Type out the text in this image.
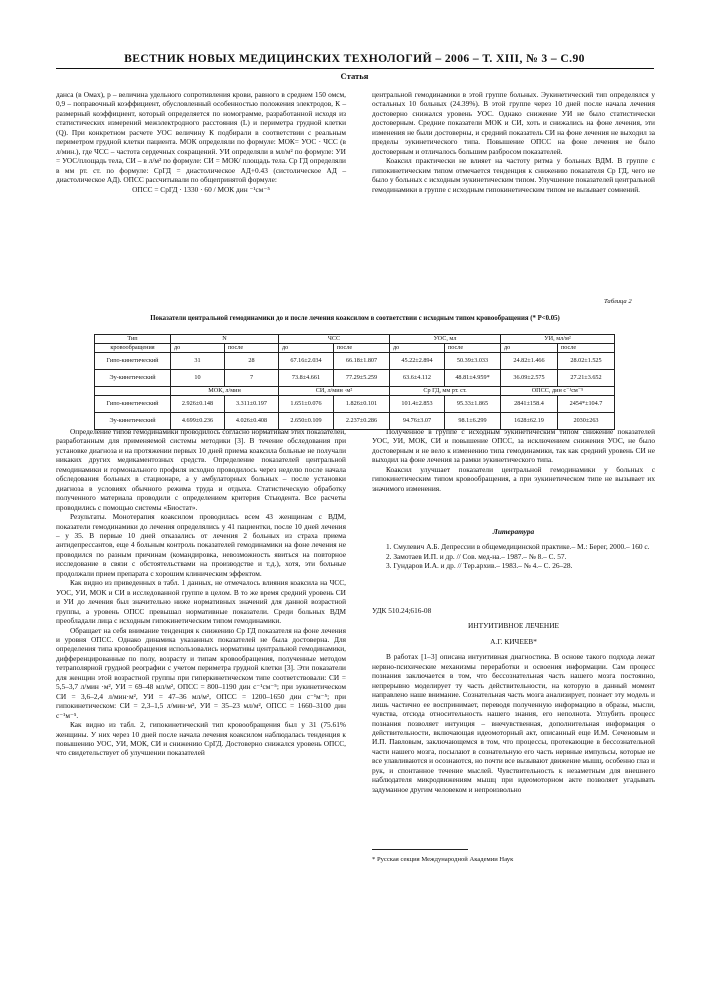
ВЕСТНИК НОВЫХ МЕДИЦИНСКИХ ТЕХНОЛОГИЙ – 2006 – Т. XIII, № 3 – С.90
Статья

данса (в Омах), р – величина удельного сопротивления крови, равного в среднем 150 омсм, 0,9 – поправочный коэффициент, обусловленный особенностью положения электродов, К – размерный коэффициент, который определяется по номограмме, разработанной исходя из статистических измерений межэлектродного расстояния (L) и периметра грудной клетки (Q). При конкретном расчете УОС величину К подбирали в соответствии с реальным периметром грудной клетки пациента. МОК определяли по формуле: МОК= УОС · ЧСС (в л/мин.), где ЧСС – частота сердечных сокращений. УИ определяли в мл/м² по формуле: УИ = УОС/площадь тела, СИ – в л/м² по формуле: СИ = МОК/ площадь тела. Ср ГД определяли в мм рт. ст. по формуле: СрГД = диастолическое АД+0.43 (систолическое АД – диастолическое АД). ОПСС рассчитывали по общепринятой формуле:

ОПСС = СрГД · 1330 · 60 / МОК дин ⁻¹см⁻⁵

центральной гемодинамики в этой группе больных. Эукинетический тип определялся у остальных 10 больных (24.39%). В этой группе через 10 дней после начала лечения достоверно снижался уровень УОС. Однако снижение УИ не было статистически достоверным. Средние показатели МОК и СИ, хоть и снижались на фоне лечения, эти изменения не были достоверны, и средний показатель СИ на фоне лечения не выходил за пределы эукинетического типа. Повышение ОПСС на фоне лечения не было достоверным и отличалось большим разбросом показателей.

Коаксил практически не влияет на частоту ритма у больных ВДМ. В группе с гипокинетическим типом отмечается тенденция к снижению показателя Ср ГД, чего не было у больных с исходным эукинетическим типом. Улучшение показателей центральной гемодинамики в группе с исходным гипокинетическим типом не вызывает сомнений.

Таблица 2
Показатели центральной гемодинамики до и после лечения коаксилом в соответствии с исходным типом кровообращения (* Р<0.05)
Тип	N		ЧСС		УОС, мл		УИ, мл/м²	
кровообращения	до	после	до	после	до	после	до	после
Гипо-кинетический	31	28	67.16±2.034	66.18±1.807	45.22±2.894	50.39±3.033	24.82±1.466	28.02±1.525
Эу-кинетический	10	7	73.8±4.661	77.29±5.259	63.6±4.112	48.81±4.959*	36.09±2.575	27.21±3.652
	МОК, л/мин		СИ, л/мин ·м²		Ср ГД, мм рт. ст.		ОПСС, дин с⁻¹см⁻⁵	
Гипо-кинетический	2.926±0.148	3.311±0.197	1.651±0.076	1.826±0.101	101.4±2.853	95.33±1.865	2841±158.4	2454*±104.7
Эу-кинетический	4.699±0.236	4.026±0.408	2.650±0.109	2.237±0.286	94.76±3.07	98.1±6.299	1628±62.19	2030±263

Определение типов гемодинамики проводилось согласно нормативам этих показателей, разработанным для применяемой системы методики [3]. В течение обследования при установке диагноза и на протяжении первых 10 дней приема коаксила больные не получали никаких других медикаментозных средств. Определение показателей центральной гемодинамики и гормонального профиля исходно проводилось через неделю после начала обследования больных в стационаре, а у амбулаторных больных – после установки диагноза в условиях обычного режима труда и отдыха. Статистическую обработку полученного материала проводили с определением критерия Стьюдента. Все расчеты проводились с помощью системы «Биостат».

Результаты. Монотерапия коаксилом проводилась всем 43 женщинам с ВДМ, показатели гемодинамики до лечения определялись у 41 пациентки, после 10 дней лечения – у 35. В первые 10 дней отказались от лечения 2 больных из страха приема антидепрессантов, еще 4 больным контроль показателей гемодинамики на фоне лечения не проводился по разным причинам (командировка, невозможность явиться на повторное исследование в связи с обстоятельствами на производстве и т.д.), хотя, эти больные продолжали прием препарата с хорошим клиническим эффектом.

Как видно из приведенных в табл. 1 данных, не отмечалось влияния коаксила на ЧСС, УОС, УИ, МОК и СИ в исследованной группе в целом. В то же время средний уровень СИ и УИ до лечения был значительно ниже нормативных значений для данной возрастной группы, а уровень ОПСС превышал нормативные показатели. Среди больных ВДМ преобладали лица с исходным гипокинетическим типом гемодинамики.

Обращает на себя внимание тенденция к снижению Ср ГД показателя на фоне лечения и уровня ОПСС. Однако динамика указанных показателей не была достоверна. Для определения типа кровообращения использовались нормативы центральной гемодинамики, дифференцированные по полу, возрасту и типам кровообращения, полученные методом тетраполярной грудной реографии с учетом периметра грудной клетки [3]. Эти показатели для женщин этой возрастной группы при гиперкинетическом типе соответствовали: СИ = 5,5–3,7 л/мин ·м², УИ = 69–48 мл/м², ОПСС = 800–1190 дин с⁻¹см⁻⁵; при эукинетическом СИ = 3,6–2,4 л/мин·м², УИ = 47–36 мл/м², ОПСС = 1200–1650 дин с⁻¹м⁻⁵; при гипокинетическом: СИ = 2,3–1,5 л/мин·м², УИ = 35–23 мл/м², ОПСС = 1660–3100 дин с⁻¹м⁻⁵.

Как видно из табл. 2, гипокинетический тип кровообращения был у 31 (75.61% женщины. У них через 10 дней после начала лечения коаксилом наблюдалась тенденция к повышению УОС, УИ, МОК, СИ и снижению СрГД. Достоверно снижался уровень ОПСС, что свидетельствует об улучшении показателей

Полученное в группе с исходным эукинетическим типом снижение показателей УОС, УИ, МОК, СИ и повышение ОПСС, за исключением снижения УОС, не было достоверным и не вело к изменению типа гемодинамики, так как средний уровень СИ не выходил на фоне лечения за рамки эукинетического типа.

Коаксил улучшает показатели центральной гемодинамики у больных с гипокинетическим типом кровообращения, а при эукинетическом типе не вызывает их значимого изменения.

Литература

1. Смулевич А.Б. Депрессии в общемедицинской практике.– М.: Берег, 2000.– 160 с.

2. Замотаев И.П. и др. // Сов. мед-на.– 1987.– № 8.– С. 57.

3. Гундаров И.А. и др. // Тер.архив.– 1983.– № 4.– С. 26–28.

УДК 510.24;616-08

ИНТУИТИВНОЕ ЛЕЧЕНИЕ

А.Г. КИЧЕЕВ*

В работах [1–3] описана интуитивная диагностика. В основе такого подхода лежат нервно-психические механизмы переработки и освоения информации. Сам процесс познания заключается в том, что бессознательная часть нашего мозга постоянно, непрерывно моделирует ту часть действительности, на которую в данный момент направлено наше внимание. Сознательная часть мозга анализирует, познает эту модель и лишь частично ее воспринимает, переводя полученную информацию в образы, мысли, чувства, отсюда относительность нашего знания, его неполнота. Углубить процесс познания позволяет интуиция – внечувственная, дополнительная информация о действительности, включающая идеомоторный акт, описанный еще И.М. Сеченовым и И.П. Павловым, заключающемся в том, что процессы, протекающие в бессознательной части нашего мозга, посылают в сознательную его часть нервные импульсы, которые не все улавливаются и осознаются, но почти все вызывают движение мышц, особенно глаз и рук, и спонтанное течение мыслей. Чувствительность к незаметным для внешнего наблюдателя микродвижениям мышц при идеомоторном акте позволяет угадывать задуманное другим человеком и непроизвольно

* Русская секция Международной Академии Наук
